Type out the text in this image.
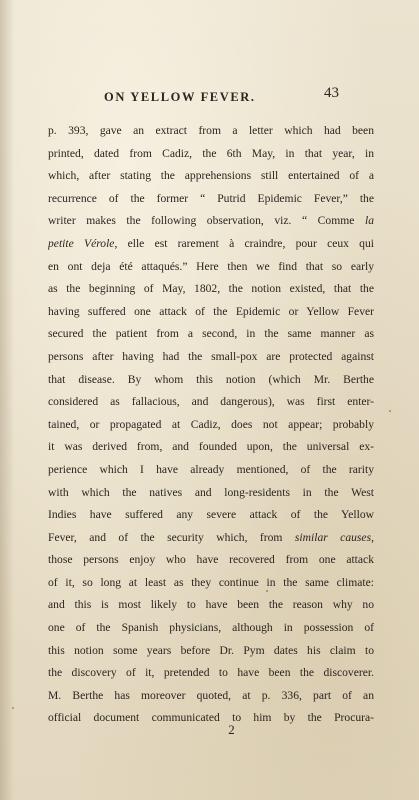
ON YELLOW FEVER.	43
p. 393, gave an extract from a letter which had been
printed, dated from Cadiz, the 6th May, in that year, in
which, after stating the apprehensions still entertained of a
recurrence of the former “ Putrid Epidemic Fever,” the
writer makes the following observation, viz. “ Comme la
petite Vérole, elle est rarement à craindre, pour ceux qui
en ont deja été attaqués.” Here then we find that so early
as the beginning of May, 1802, the notion existed, that the
having suffered one attack of the Epidemic or Yellow Fever
secured the patient from a second, in the same manner as
persons after having had the small-pox are protected against
that disease. By whom this notion (which Mr. Berthe
considered as fallacious, and dangerous), was first enter-
tained, or propagated at Cadiz, does not appear; probably
it was derived from, and founded upon, the universal ex-
perience which I have already mentioned, of the rarity
with which the natives and long-residents in the West
Indies have suffered any severe attack of the Yellow
Fever, and of the security which, from similar causes,
those persons enjoy who have recovered from one attack
of it, so long at least as they continue in the same climate:
and this is most likely to have been the reason why no
one of the Spanish physicians, although in possession of
this notion some years before Dr. Pym dates his claim to
the discovery of it, pretended to have been the discoverer.
M. Berthe has moreover quoted, at p. 336, part of an
official document communicated to him by the Procura-
2
